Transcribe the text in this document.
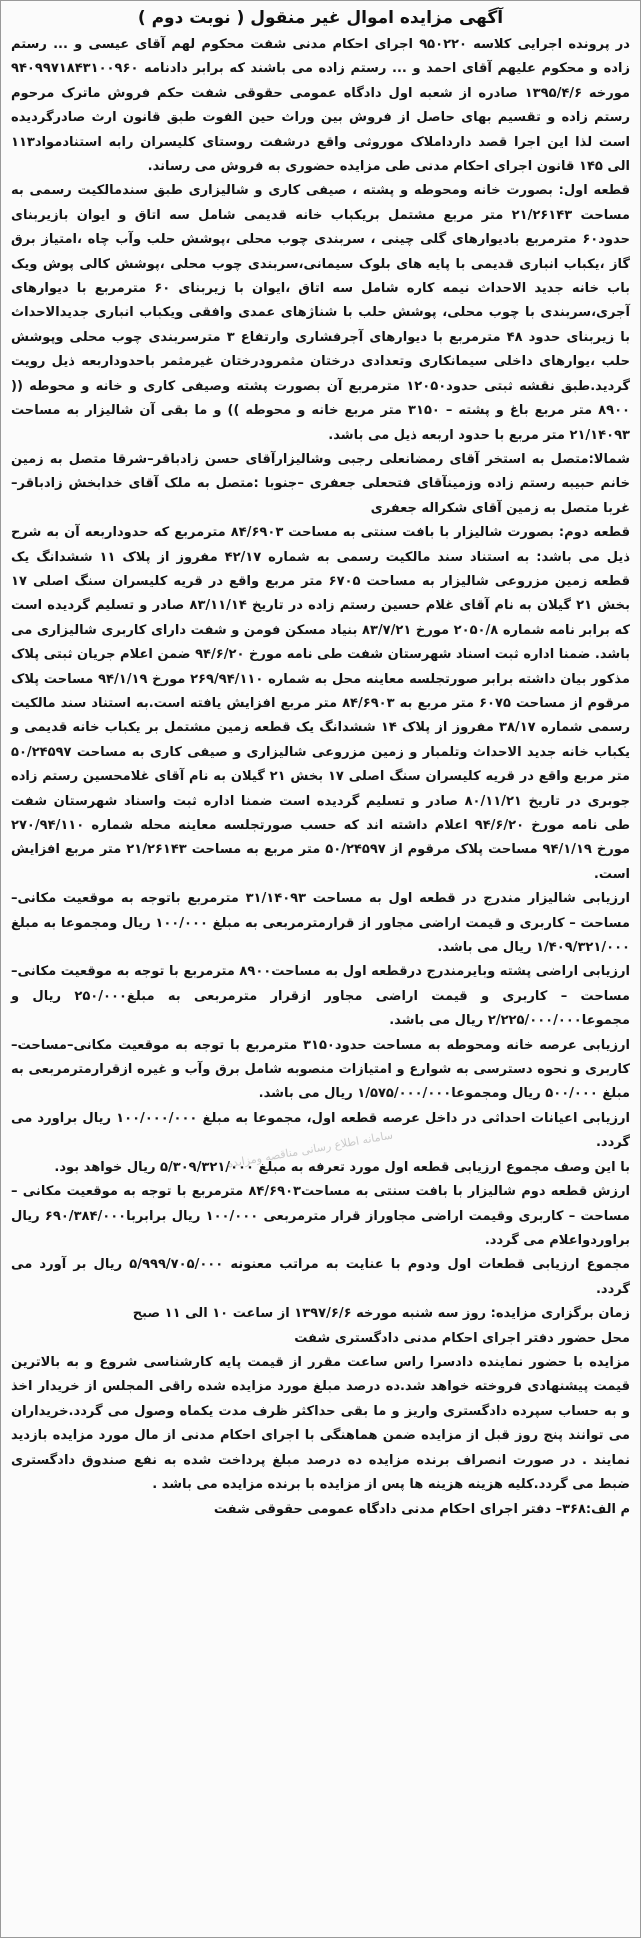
آگهی مزایده اموال غیر منقول ( نوبت دوم )

در پرونده اجرایی کلاسه ۹۵۰۲۲۰ اجرای احکام مدنی شفت محکوم لهم آقای عیسی و ... رستم زاده و محکوم علیهم آقای احمد و ... رستم زاده می باشند که برابر دادنامه ۹۴۰۹۹۷۱۸۴۳۱۰۰۹۶۰ مورخه ۱۳۹۵/۴/۶ صادره از شعبه اول دادگاه عمومی حقوقی شفت حکم فروش ماترک مرحوم رستم زاده و تقسیم بهای حاصل از فروش بین وراث حین الفوت طبق قانون ارث صادرگردیده است لذا این اجرا قصد دارداملاک موروثی واقع درشفت روستای کلیسران رابه استنادمواد۱۱۳ الی ۱۴۵ قانون اجرای احکام مدنی طی مزایده حضوری به فروش می رساند.

قطعه اول: بصورت خانه ومحوطه و پشته ، صیفی کاری و شالیزاری طبق سندمالکیت رسمی به مساحت ۲۱/۲۶۱۴۳ متر مربع مشتمل بریکباب خانه قدیمی شامل سه اتاق و ایوان بازیربنای حدود۶۰ مترمربع بادیوارهای گلی چینی ، سربندی چوب محلی ،پوشش حلب وآب چاه ،امتیاز برق گاز ،یکباب انباری قدیمی با پایه های بلوک سیمانی،سربندی چوب محلی ،پوشش کالی پوش ویک باب خانه جدید الاحداث نیمه کاره شامل سه اتاق ،ایوان با زیربنای ۶۰ مترمربع با دیوارهای آجری،سربندی با چوب محلی، پوشش حلب با شناژهای عمدی وافقی ویکباب انباری جدیدالاحداث با زیربنای حدود ۴۸ مترمربع با دیوارهای آجرفشاری وارتفاع ۳ مترسربندی چوب محلی وپوشش حلب ،یوارهای داخلی سیمانکاری وتعدادی درختان مثمرودرختان غیرمثمر باحدوداربعه ذیل رویت گردید.طبق نقشه ثبتی حدود۱۲۰۵۰ مترمربع آن بصورت پشته وصیفی کاری و خانه و محوطه (( ۸۹۰۰ متر مربع باغ و پشته – ۳۱۵۰ متر مربع خانه و محوطه )) و ما بقی آن شالیزار به مساحت ۲۱/۱۴۰۹۳ متر مربع با حدود اربعه ذیل می باشد.

شمالا:متصل به استخر آقای رمضانعلی رجبی وشالیزارآقای حسن زادباقر–شرقا متصل به زمین خانم حبیبه رستم زاده وزمینآقای فتحعلی جعفری –جنوبا :متصل به ملک آقای خدابخش زادباقر–غربا متصل به زمین آقای شکراله جعفری

قطعه دوم: بصورت شالیزار با بافت سنتی به مساحت ۸۴/۶۹۰۳ مترمربع که حدوداربعه آن به شرح ذیل می باشد: به استناد سند مالکیت رسمی به شماره ۴۲/۱۷ مفروز از پلاک ۱۱ ششدانگ یک قطعه زمین مزروعی شالیزار به مساحت ۶۷۰۵ متر مربع واقع در قریه کلیسران سنگ اصلی ۱۷ بخش ۲۱ گیلان به نام آقای غلام حسین رستم زاده در تاریخ ۸۳/۱۱/۱۴ صادر و تسلیم گردیده است که برابر نامه شماره ۲۰۵۰/۸ مورخ ۸۳/۷/۲۱ بنیاد مسکن فومن و شفت دارای کاربری شالیزاری می باشد. ضمنا اداره ثبت اسناد شهرستان شفت طی نامه مورخ ۹۴/۶/۲۰ ضمن اعلام جریان ثبتی پلاک مذکور بیان داشته برابر صورتجلسه معاینه محل به شماره ۲۶۹/۹۴/۱۱۰ مورخ ۹۴/۱/۱۹ مساحت پلاک مرقوم از مساحت ۶۰۷۵ متر مربع به ۸۴/۶۹۰۳ متر مربع افزایش یافته است.به استناد سند مالکیت رسمی شماره ۳۸/۱۷ مفروز از پلاک ۱۴ ششدانگ یک قطعه زمین مشتمل بر یکباب خانه قدیمی و یکباب خانه جدید الاحداث وتلمبار و زمین مزروعی شالیزاری و صیفی کاری به مساحت ۵۰/۲۴۵۹۷ متر مربع واقع در قریه کلیسران سنگ اصلی ۱۷ بخش ۲۱ گیلان به نام آقای غلامحسین رستم زاده جوبری در تاریخ ۸۰/۱۱/۲۱ صادر و تسلیم گردیده است ضمنا اداره ثبت واسناد شهرستان شفت طی نامه مورخ ۹۴/۶/۲۰ اعلام داشته اند که حسب صورتجلسه معاینه محله شماره ۲۷۰/۹۴/۱۱۰ مورخ ۹۴/۱/۱۹ مساحت پلاک مرقوم از ۵۰/۲۴۵۹۷ متر مربع به مساحت ۲۱/۲۶۱۴۳ متر مربع افزایش است.

ارزیابی شالیزار مندرج در قطعه اول به مساحت ۳۱/۱۴۰۹۳ مترمربع باتوجه به موقعیت مکانی– مساحت – کاربری و قیمت اراضی مجاور از قرارمترمربعی به مبلغ ۱۰۰/۰۰۰ ریال ومجموعا به مبلغ ۱/۴۰۹/۳۲۱/۰۰۰ ریال می باشد.

ارزیابی اراضی پشته وبایرمندرج درقطعه اول به مساحت۸۹۰۰ مترمربع با توجه به موقعیت مکانی– مساحت – کاربری و قیمت اراضی مجاور ازقرار مترمربعی به مبلغ۲۵۰/۰۰۰ ریال و مجموعا۲/۲۲۵/۰۰۰/۰۰۰ ریال می باشد.

ارزیابی عرصه خانه ومحوطه به مساحت حدود۳۱۵۰ مترمربع با توجه به موقعیت مکانی–مساحت–کاربری و نحوه دسترسی به شوارع و امتیازات منصوبه شامل برق وآب و غیره ازقرارمترمربعی به مبلغ ۵۰۰/۰۰۰ ریال ومجموعا۱/۵۷۵/۰۰۰/۰۰۰ ریال می باشد.

ارزیابی اعیانات احداثی در داخل عرصه قطعه اول، مجموعا به مبلغ ۱۰۰/۰۰۰/۰۰۰ ریال براورد می گردد.

با این وصف مجموع ارزیابی قطعه اول مورد تعرفه به مبلغ ۵/۳۰۹/۳۲۱/۰۰۰ ریال خواهد بود.

ارزش قطعه دوم شالیزار با بافت سنتی به مساحت۸۴/۶۹۰۳ مترمربع با توجه به موقعیت مکانی – مساحت – کاربری وقیمت اراضی مجاوراز قرار مترمربعی ۱۰۰/۰۰۰ ریال برابربا۶۹۰/۳۸۴/۰۰۰ ریال براوردواعلام می گردد.

مجموع ارزیابی قطعات اول ودوم با عنایت به مراتب معنونه ۵/۹۹۹/۷۰۵/۰۰۰ ریال بر آورد می گردد.

زمان برگزاری مزایده: روز سه شنبه مورخه ۱۳۹۷/۶/۶ از ساعت ۱۰ الی ۱۱ صبح

محل حضور دفتر اجرای احکام مدنی دادگستری شفت

مزایده با حضور نماینده دادسرا راس ساعت مقرر از قیمت پایه کارشناسی شروع و به بالاترین قیمت پیشنهادی فروخته خواهد شد.ده درصد مبلغ مورد مزایده شده راقی المجلس از خریدار اخذ و به حساب سپرده دادگستری واریز و ما بقی حداکثر ظرف مدت یکماه وصول می گردد.خریداران می توانند پنج روز قبل از مزایده ضمن هماهنگی با اجرای احکام مدنی از مال مورد مزایده بازدید نمایند . در صورت انصراف برنده مزایده ده درصد مبلغ پرداخت شده به نفع صندوق دادگستری ضبط می گردد.کلیه هزینه هزینه ها پس از مزایده با برنده مزایده می باشد .

م الف:۳۶۸– دفتر اجرای احکام مدنی دادگاه عمومی حقوقی شفت
سامانه اطلاع رسانی مناقصه ومزایده
